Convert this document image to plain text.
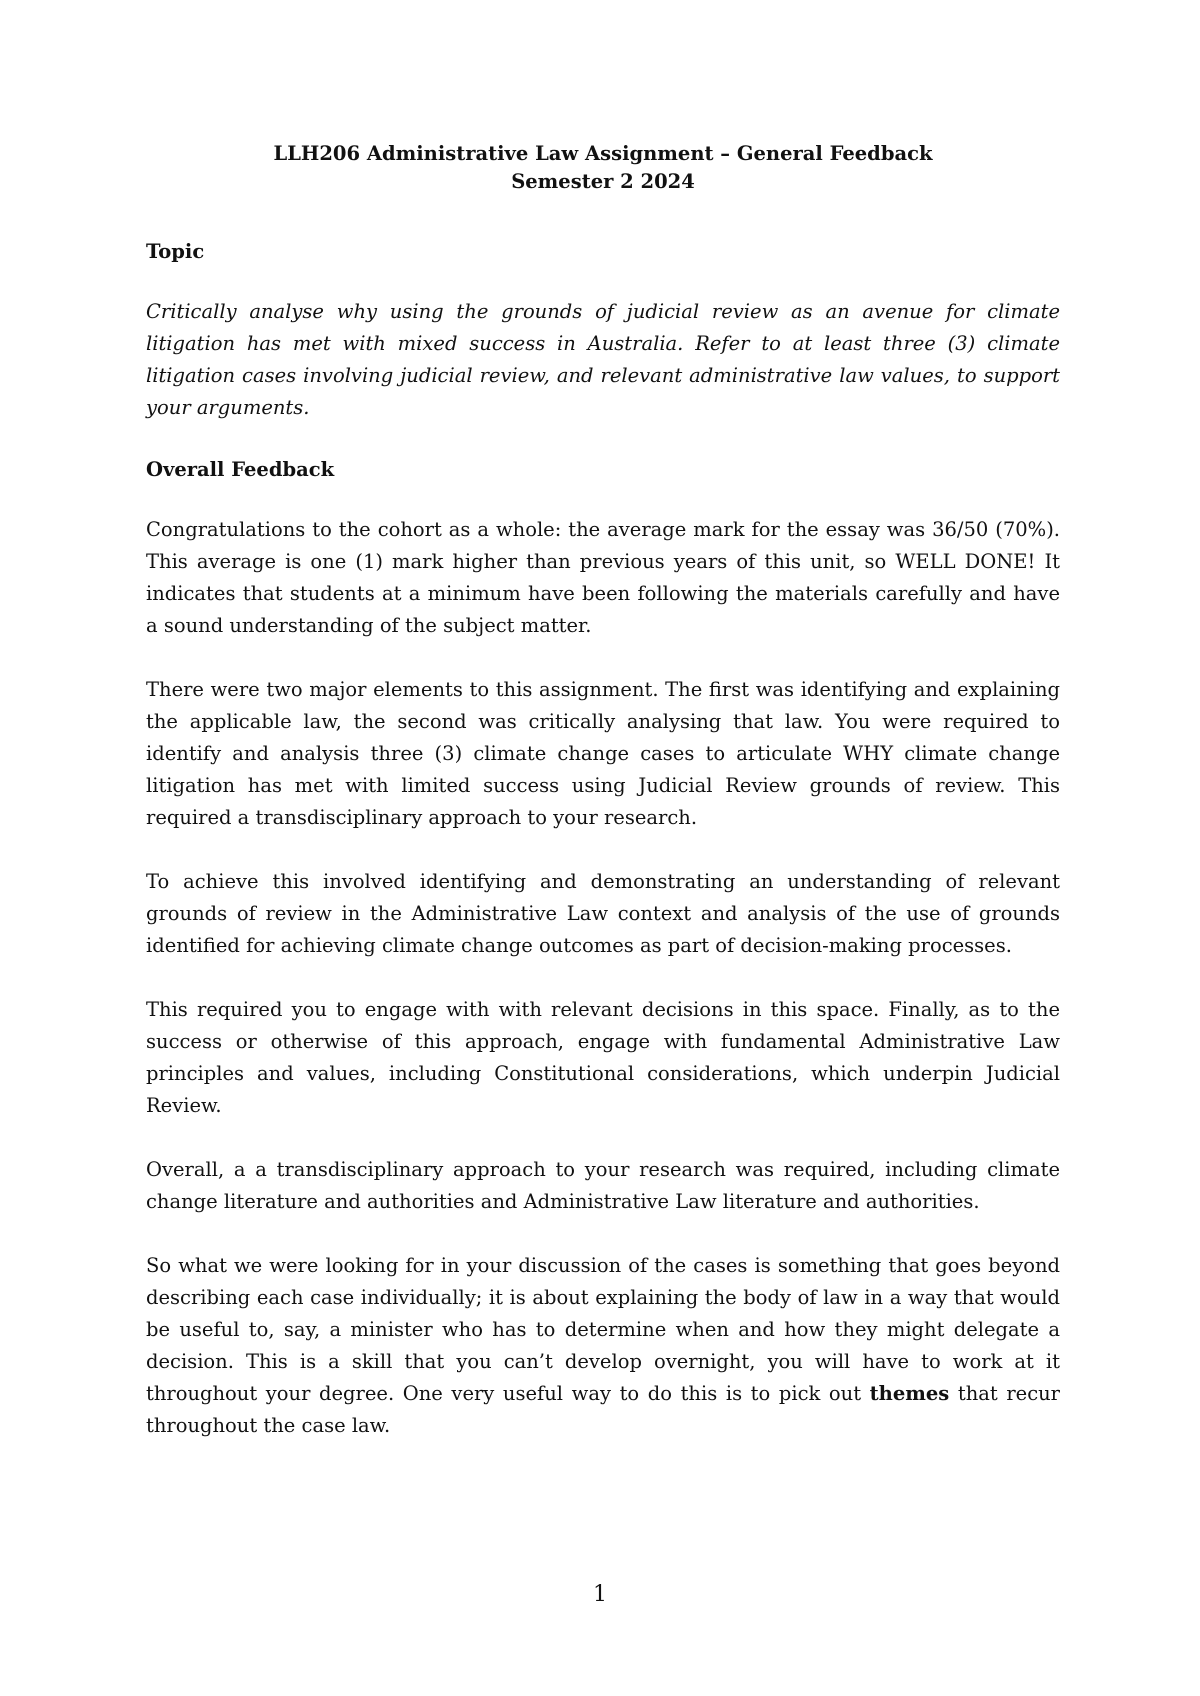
LLH206 Administrative Law Assignment – General Feedback
Semester 2 2024
Topic

Critically analyse why using the grounds of judicial review as an avenue for climate litigation has met with mixed success in Australia. Refer to at least three (3) climate litigation cases involving judicial review, and relevant administrative law values, to support your arguments.

Overall Feedback

Congratulations to the cohort as a whole: the average mark for the essay was 36/50 (70%). This average is one (1) mark higher than previous years of this unit, so WELL DONE! It indicates that students at a minimum have been following the materials carefully and have a sound understanding of the subject matter.

There were two major elements to this assignment. The first was identifying and explaining the applicable law, the second was critically analysing that law. You were required to identify and analysis three (3) climate change cases to articulate WHY climate change litigation has met with limited success using Judicial Review grounds of review. This required a transdisciplinary approach to your research.

To achieve this involved identifying and demonstrating an understanding of relevant grounds of review in the Administrative Law context and analysis of the use of grounds identified for achieving climate change outcomes as part of decision-making processes.

This required you to engage with with relevant decisions in this space. Finally, as to the success or otherwise of this approach, engage with fundamental Administrative Law principles and values, including Constitutional considerations, which underpin Judicial Review.

Overall, a a transdisciplinary approach to your research was required, including climate change literature and authorities and Administrative Law literature and authorities.

So what we were looking for in your discussion of the cases is something that goes beyond describing each case individually; it is about explaining the body of law in a way that would be useful to, say, a minister who has to determine when and how they might delegate a decision. This is a skill that you can’t develop overnight, you will have to work at it throughout your degree. One very useful way to do this is to pick out themes that recur throughout the case law.

1
